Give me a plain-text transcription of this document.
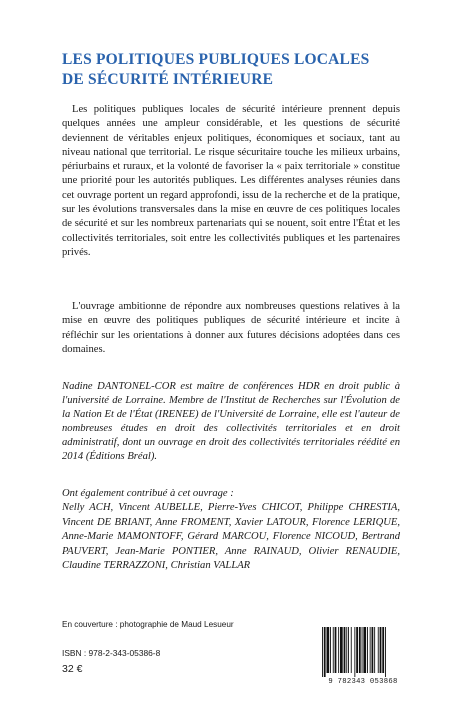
LES POLITIQUES PUBLIQUES LOCALES
DE SÉCURITÉ INTÉRIEURE

Les politiques publiques locales de sécurité intérieure prennent depuis quelques années une ampleur considérable, et les questions de sécurité deviennent de véritables enjeux politiques, économiques et sociaux, tant au niveau national que territorial. Le risque sécuritaire touche les milieux urbains, périurbains et ruraux, et la volonté de favoriser la « paix territoriale » constitue une priorité pour les autorités publiques. Les différentes analyses réunies dans cet ouvrage portent un regard approfondi, issu de la recherche et de la pratique, sur les évolutions transversales dans la mise en œuvre de ces politiques locales de sécurité et sur les nombreux partenariats qui se nouent, soit entre l'État et les collectivités territoriales, soit entre les collectivités publiques et les partenaires privés.

L'ouvrage ambitionne de répondre aux nombreuses questions relatives à la mise en œuvre des politiques publiques de sécurité intérieure et incite à réfléchir sur les orientations à donner aux futures décisions adoptées dans ces domaines.

Nadine DANTONEL-COR est maître de conférences HDR en droit public à l'université de Lorraine. Membre de l'Institut de Recherches sur l'Évolution de la Nation Et de l'État (IRENEE) de l'Université de Lorraine, elle est l'auteur de nombreuses études en droit des collectivités territoriales et en droit administratif, dont un ouvrage en droit des collectivités territoriales réédité en 2014 (Éditions Bréal).

Ont également contribué à cet ouvrage :

Nelly ACH, Vincent AUBELLE, Pierre-Yves CHICOT, Philippe CHRESTIA, Vincent DE BRIANT, Anne FROMENT, Xavier LATOUR, Florence LERIQUE, Anne-Marie MAMONTOFF, Gérard MARCOU, Florence NICOUD, Bertrand PAUVERT, Jean-Marie PONTIER, Anne RAINAUD, Olivier RENAUDIE, Claudine TERRAZZONI, Christian VALLAR

En couverture : photographie de Maud Lesueur

ISBN : 978-2-343-05386-8

32 €

9 782343 053868
